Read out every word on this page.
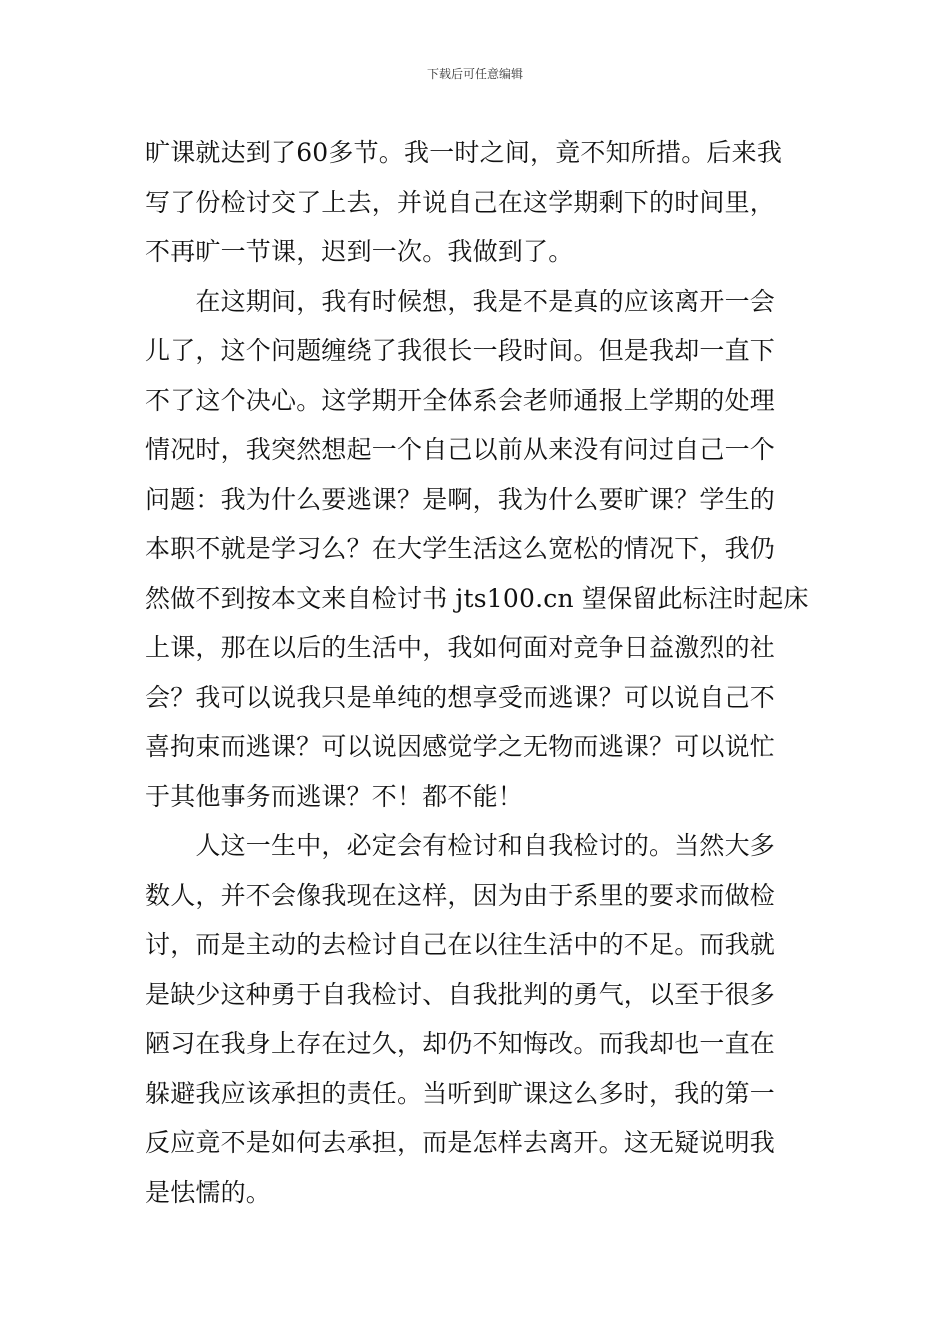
下载后可任意编辑
旷课就达到了60多节。我一时之间，竟不知所措。后来我
写了份检讨交了上去，并说自己在这学期剩下的时间里，
不再旷一节课，迟到一次。我做到了。
　　在这期间，我有时候想，我是不是真的应该离开一会
儿了，这个问题缠绕了我很长一段时间。但是我却一直下
不了这个决心。这学期开全体系会老师通报上学期的处理
情况时，我突然想起一个自己以前从来没有问过自己一个
问题：我为什么要逃课？是啊，我为什么要旷课？学生的
本职不就是学习么？在大学生活这么宽松的情况下，我仍
然做不到按本文来自检讨书 jts100.cn 望保留此标注时起床
上课，那在以后的生活中，我如何面对竞争日益激烈的社
会？我可以说我只是单纯的想享受而逃课？可以说自己不
喜拘束而逃课？可以说因感觉学之无物而逃课？可以说忙
于其他事务而逃课？不！都不能！
　　人这一生中，必定会有检讨和自我检讨的。当然大多
数人，并不会像我现在这样，因为由于系里的要求而做检
讨，而是主动的去检讨自己在以往生活中的不足。而我就
是缺少这种勇于自我检讨、自我批判的勇气，以至于很多
陋习在我身上存在过久，却仍不知悔改。而我却也一直在
躲避我应该承担的责任。当听到旷课这么多时，我的第一
反应竟不是如何去承担，而是怎样去离开。这无疑说明我
是怯懦的。
